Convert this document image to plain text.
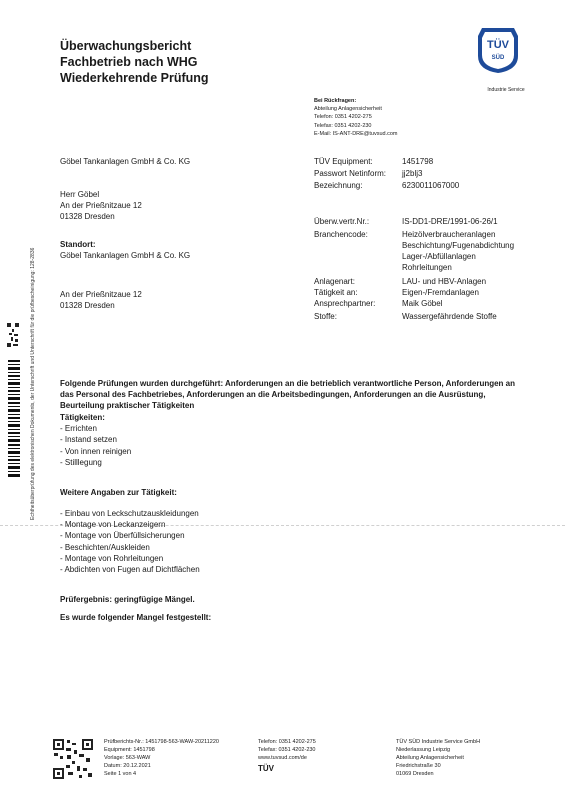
Überwachungsbericht
Fachbetrieb nach WHG
Wiederkehrende Prüfung
TÜV
SÜD
Industrie Service
Bei Rückfragen:
Abteilung Anlagensicherheit
Telefon: 0351 4202-275
Telefax: 0351 4202-230
E-Mail: IS-ANT-DRE@tuvsud.com
Göbel Tankanlagen GmbH & Co. KG
Herr Göbel
An der Prießnitzaue 12
01328 Dresden
Standort:
Göbel Tankanlagen GmbH & Co. KG
An der Prießnitzaue 12
01328 Dresden
TÜV Equipment:	1451798
Passwort Netinform:	jj2blj3
Bezeichnung:	6230011067000
Überw.vertr.Nr.:	IS-DD1-DRE/1991-06-26/1
Branchencode:	Heizölverbraucheranlagen
Beschichtung/Fugenabdichtung
Lager-/Abfüllanlagen
Rohrleitungen
Anlagenart:	LAU- und HBV-Anlagen
Tätigkeit an:	Eigen-/Fremdanlagen
Ansprechpartner:	Maik Göbel
Stoffe:	Wassergefährdende Stoffe
Echtheitsüberprüfung des elektronischen Dokuments, der Unterschrift und Unterschrift für die prüfbescheinigung: 128-2836	Folgende Prüfungen wurden durchgeführt: Anforderungen an die betrieblich verantwortliche Person, Anforderungen an das Personal des Fachbetriebes, Anforderungen an die Arbeitsbedingungen, Anforderungen an die Ausrüstung, Beurteilung praktischer Tätigkeiten
Tätigkeiten:
- Errichten
- Instand setzen
- Von innen reinigen
- Stilllegung
Weitere Angaben zur Tätigkeit:
- Einbau von Leckschutzauskleidungen
- Montage von Leckanzeigern
- Montage von Überfüllsicherungen
- Beschichten/Auskleiden
- Montage von Rohrleitungen
- Abdichten von Fugen auf Dichtflächen
Prüfergebnis: geringfügige Mängel.
Es wurde folgender Mangel festgestellt:
Prüfberichts-Nr.: 1451798-563-WAW-20211220
Equipment: 1451798
Vorlage: 563-WAW
Datum: 20.12.2021
Seite 1 von 4
Telefon: 0351 4202-275
Telefax: 0351 4202-230
www.tuvsud.com/de
TÜV
TÜV SÜD Industrie Service GmbH
Niederlassung Leipzig
Abteilung Anlagensicherheit
Friedrichstraße 30
01069 Dresden
